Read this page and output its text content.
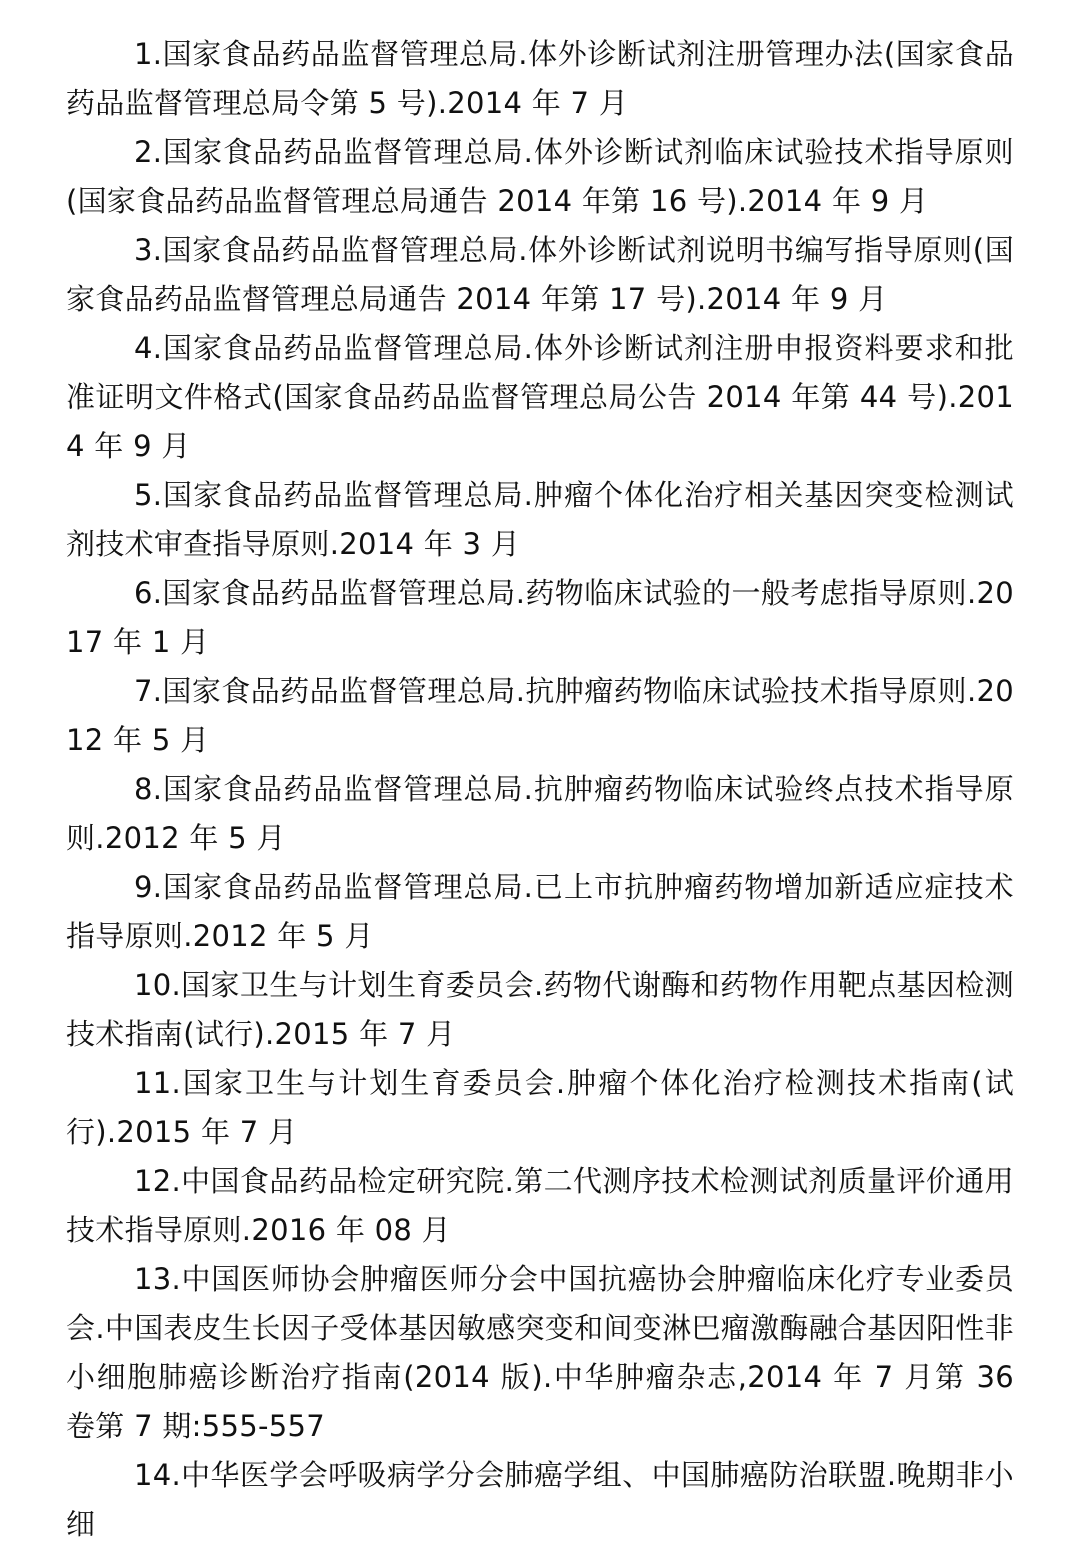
1.国家食品药品监督管理总局.体外诊断试剂注册管理办法(国家食品药品监督管理总局令第 5 号).2014 年 7 月
2.国家食品药品监督管理总局.体外诊断试剂临床试验技术指导原则(国家食品药品监督管理总局通告 2014 年第 16 号).2014 年 9 月
3.国家食品药品监督管理总局.体外诊断试剂说明书编写指导原则(国家食品药品监督管理总局通告 2014 年第 17 号).2014 年 9 月
4.国家食品药品监督管理总局.体外诊断试剂注册申报资料要求和批准证明文件格式(国家食品药品监督管理总局公告 2014 年第 44 号).2014 年 9 月
5.国家食品药品监督管理总局.肿瘤个体化治疗相关基因突变检测试剂技术审查指导原则.2014 年 3 月
6.国家食品药品监督管理总局.药物临床试验的一般考虑指导原则.2017 年 1 月
7.国家食品药品监督管理总局.抗肿瘤药物临床试验技术指导原则.2012 年 5 月
8.国家食品药品监督管理总局.抗肿瘤药物临床试验终点技术指导原则.2012 年 5 月
9.国家食品药品监督管理总局.已上市抗肿瘤药物增加新适应症技术指导原则.2012 年 5 月
10.国家卫生与计划生育委员会.药物代谢酶和药物作用靶点基因检测技术指南(试行).2015 年 7 月
11.国家卫生与计划生育委员会.肿瘤个体化治疗检测技术指南(试行).2015 年 7 月
12.中国食品药品检定研究院.第二代测序技术检测试剂质量评价通用技术指导原则.2016 年 08 月
13.中国医师协会肿瘤医师分会中国抗癌协会肿瘤临床化疗专业委员会.中国表皮生长因子受体基因敏感突变和间变淋巴瘤激酶融合基因阳性非小细胞肺癌诊断治疗指南(2014 版).中华肿瘤杂志,2014 年 7 月第 36 卷第 7 期:555-557
14.中华医学会呼吸病学分会肺癌学组、中国肺癌防治联盟.晚期非小细
